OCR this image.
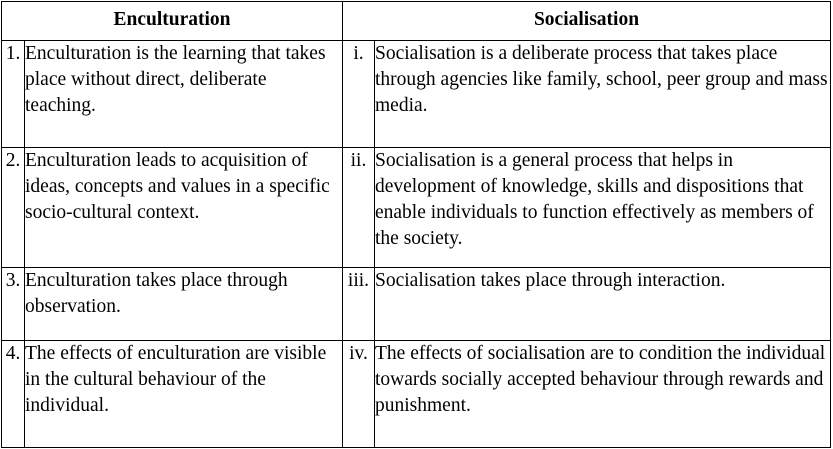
Enculturation		Socialisation	
1.	Enculturation is the learning that takes place without direct, deliberate teaching.	i.	Socialisation is a deliberate process that takes place through agencies like family, school, peer group and mass media.
2.	Enculturation leads to acquisition of ideas, concepts and values in a specific socio-cultural context.	ii.	Socialisation is a general process that helps in development of knowledge, skills and dispositions that enable individuals to function effectively as members of the society.
3.	Enculturation takes place through observation.	iii.	Socialisation takes place through interaction.
4.	The effects of enculturation are visible in the cultural behaviour of the individual.	iv.	The effects of socialisation are to condition the individual towards socially accepted behaviour through rewards and punishment.
